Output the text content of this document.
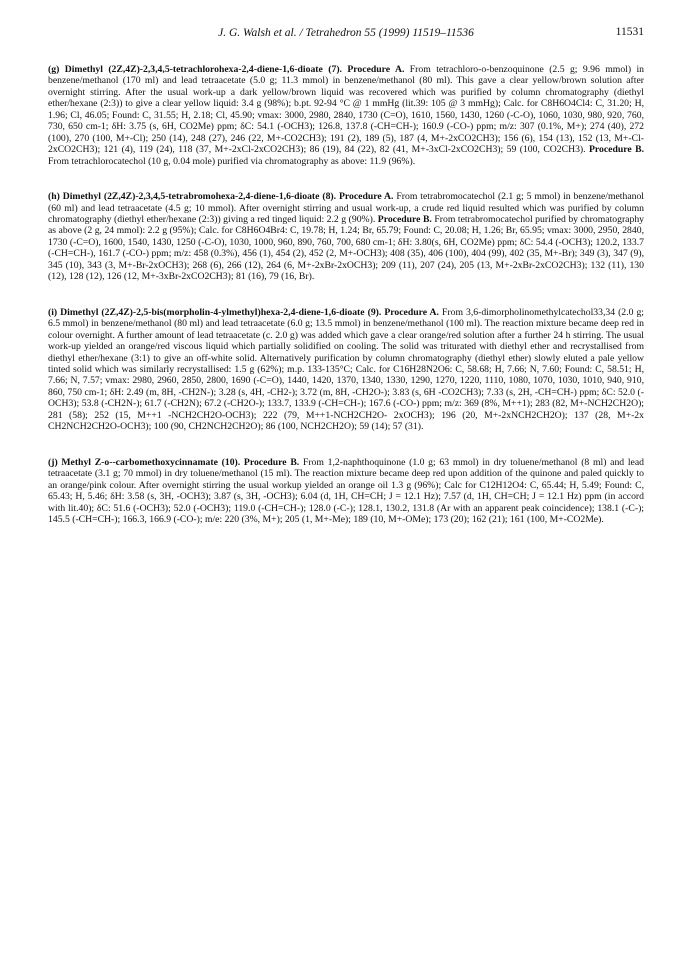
J. G. Walsh et al. / Tetrahedron 55 (1999) 11519–11536	11531

(g) Dimethyl (2Z,4Z)-2,3,4,5-tetrachlorohexa-2,4-diene-1,6-dioate (7). Procedure A. From tetrachloro-o-benzoquinone (2.5 g; 9.96 mmol) in benzene/methanol (170 ml) and lead tetraacetate (5.0 g; 11.3 mmol) in benzene/methanol (80 ml). This gave a clear yellow/brown solution after overnight stirring. After the usual work-up a dark yellow/brown liquid was recovered which was purified by column chromatography (diethyl ether/hexane (2:3)) to give a clear yellow liquid: 3.4 g (98%); b.pt. 92-94 °C @ 1 mmHg (lit.39: 105 @ 3 mmHg); Calc. for C8H6O4Cl4: C, 31.20; H, 1.96; Cl, 46.05; Found: C, 31.55; H, 2.18; Cl, 45.90; vmax: 3000, 2980, 2840, 1730 (C=O), 1610, 1560, 1430, 1260 (-C-O), 1060, 1030, 980, 920, 760, 730, 650 cm-1; δH: 3.75 (s, 6H, CO2Me) ppm; δC: 54.1 (-OCH3); 126.8, 137.8 (-CH=CH-); 160.9 (-CO-) ppm; m/z: 307 (0.1%, M+); 274 (40), 272 (100), 270 (100, M+-Cl); 250 (14), 248 (27), 246 (22, M+-CO2CH3); 191 (2), 189 (5), 187 (4, M+-2xCO2CH3); 156 (6), 154 (13), 152 (13, M+-Cl-2xCO2CH3); 121 (4), 119 (24), 118 (37, M+-2xCl-2xCO2CH3); 86 (19), 84 (22), 82 (41, M+-3xCl-2xCO2CH3); 59 (100, CO2CH3). Procedure B. From tetrachlorocatechol (10 g, 0.04 mole) purified via chromatography as above: 11.9 (96%).

(h) Dimethyl (2Z,4Z)-2,3,4,5-tetrabromohexa-2,4-diene-1,6-dioate (8). Procedure A. From tetrabromocatechol (2.1 g; 5 mmol) in benzene/methanol (60 ml) and lead tetraacetate (4.5 g; 10 mmol). After overnight stirring and usual work-up, a crude red liquid resulted which was purified by column chromatography (diethyl ether/hexane (2:3)) giving a red tinged liquid: 2.2 g (90%). Procedure B. From tetrabromocatechol purified by chromatography as above (2 g, 24 mmol): 2.2 g (95%); Calc. for C8H6O4Br4: C, 19.78; H, 1.24; Br, 65.79; Found: C, 20.08; H, 1.26; Br, 65.95; vmax: 3000, 2950, 2840, 1730 (-C=O), 1600, 1540, 1430, 1250 (-C-O), 1030, 1000, 960, 890, 760, 700, 680 cm-1; δH: 3.80(s, 6H, CO2Me) ppm; δC: 54.4 (-OCH3); 120.2, 133.7 (-CH=CH-), 161.7 (-CO-) ppm; m/z: 458 (0.3%), 456 (1), 454 (2), 452 (2, M+-OCH3); 408 (35), 406 (100), 404 (99), 402 (35, M+-Br); 349 (3), 347 (9), 345 (10), 343 (3, M+-Br-2xOCH3); 268 (6), 266 (12), 264 (6, M+-2xBr-2xOCH3); 209 (11), 207 (24), 205 (13, M+-2xBr-2xCO2CH3); 132 (11), 130 (12), 128 (12), 126 (12, M+-3xBr-2xCO2CH3); 81 (16), 79 (16, Br).

(i) Dimethyl (2Z,4Z)-2,5-bis(morpholin-4-ylmethyl)hexa-2,4-diene-1,6-dioate (9). Procedure A. From 3,6-dimorpholinomethylcatechol33,34 (2.0 g; 6.5 mmol) in benzene/methanol (80 ml) and lead tetraacetate (6.0 g; 13.5 mmol) in benzene/methanol (100 ml). The reaction mixture became deep red in colour overnight. A further amount of lead tetraacetate (c. 2.0 g) was added which gave a clear orange/red solution after a further 24 h stirring. The usual work-up yielded an orange/red viscous liquid which partially solidified on cooling. The solid was triturated with diethyl ether and recrystallised from diethyl ether/hexane (3:1) to give an off-white solid. Alternatively purification by column chromatography (diethyl ether) slowly eluted a pale yellow tinted solid which was similarly recrystallised: 1.5 g (62%); m.p. 133-135°C; Calc. for C16H28N2O6: C, 58.68; H, 7.66; N, 7.60; Found: C, 58.51; H, 7.66; N, 7.57; vmax: 2980, 2960, 2850, 2800, 1690 (-C=O), 1440, 1420, 1370, 1340, 1330, 1290, 1270, 1220, 1110, 1080, 1070, 1030, 1010, 940, 910, 860, 750 cm-1; δH: 2.49 (m, 8H, -CH2N-); 3.28 (s, 4H, -CH2-); 3.72 (m, 8H, -CH2O-); 3.83 (s, 6H -CO2CH3); 7.33 (s, 2H, -CH=CH-) ppm; δC: 52.0 (-OCH3); 53.8 (-CH2N-); 61.7 (-CH2N); 67.2 (-CH2O-); 133.7, 133.9 (-CH=CH-); 167.6 (-CO-) ppm; m/z: 369 (8%, M++1); 283 (82, M+-NCH2CH2O); 281 (58); 252 (15, M++1 -NCH2CH2O-OCH3); 222 (79, M++1-NCH2CH2O- 2xOCH3); 196 (20, M+-2xNCH2CH2O); 137 (28, M+-2x CH2NCH2CH2O-OCH3); 100 (90, CH2NCH2CH2O); 86 (100, NCH2CH2O); 59 (14); 57 (31).

(j) Methyl Z-o--carbomethoxycinnamate (10). Procedure B. From 1,2-naphthoquinone (1.0 g; 63 mmol) in dry toluene/methanol (8 ml) and lead tetraacetate (3.1 g; 70 mmol) in dry toluene/methanol (15 ml). The reaction mixture became deep red upon addition of the quinone and paled quickly to an orange/pink colour. After overnight stirring the usual workup yielded an orange oil 1.3 g (96%); Calc for C12H12O4: C, 65.44; H, 5.49; Found: C, 65.43; H, 5.46; δH: 3.58 (s, 3H, -OCH3); 3.87 (s, 3H, -OCH3); 6.04 (d, 1H, CH=CH; J = 12.1 Hz); 7.57 (d, 1H, CH=CH; J = 12.1 Hz) ppm (in accord with lit.40); δC: 51.6 (-OCH3); 52.0 (-OCH3); 119.0 (-CH=CH-); 128.0 (-C-); 128.1, 130.2, 131.8 (Ar with an apparent peak coincidence); 138.1 (-C-); 145.5 (-CH=CH-); 166.3, 166.9 (-CO-); m/e: 220 (3%, M+); 205 (1, M+-Me); 189 (10, M+-OMe); 173 (20); 162 (21); 161 (100, M+-CO2Me).
